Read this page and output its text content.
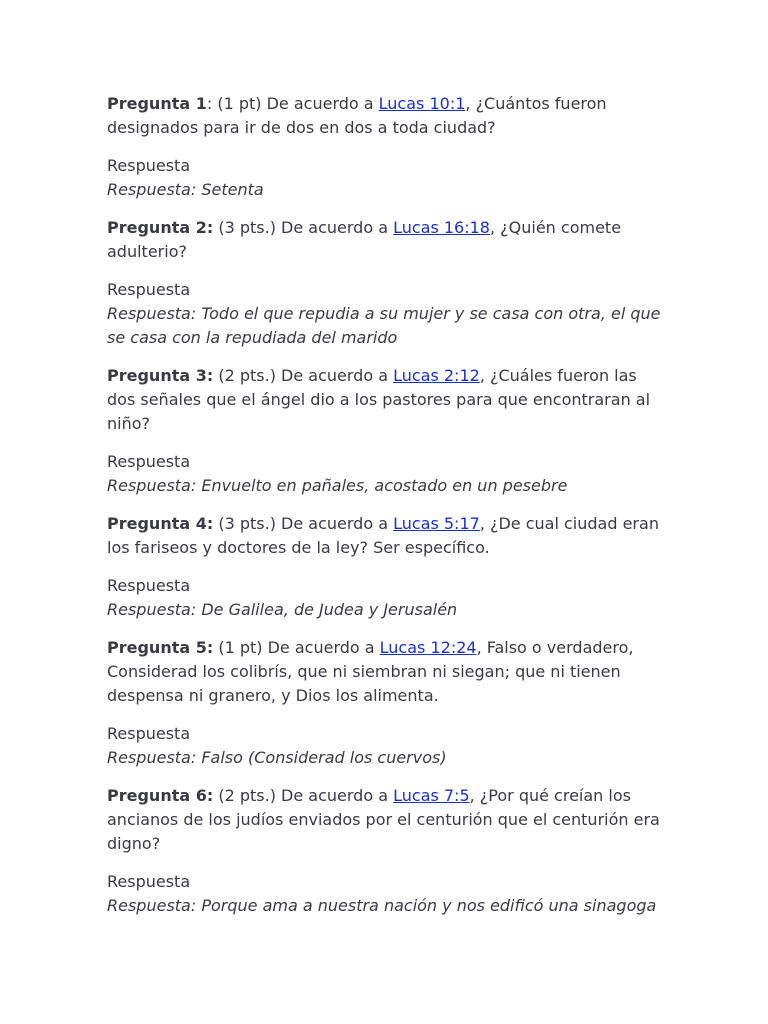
Pregunta 1: (1 pt) De acuerdo a Lucas 10:1, ¿Cuántos fueron designados para ir de dos en dos a toda ciudad?

Respuesta
Respuesta: Setenta

Pregunta 2: (3 pts.) De acuerdo a Lucas 16:18, ¿Quién comete adulterio?

Respuesta
Respuesta: Todo el que repudia a su mujer y se casa con otra, el que se casa con la repudiada del marido

Pregunta 3: (2 pts.) De acuerdo a Lucas 2:12, ¿Cuáles fueron las dos señales que el ángel dio a los pastores para que encontraran al niño?

Respuesta
Respuesta: Envuelto en pañales, acostado en un pesebre

Pregunta 4: (3 pts.) De acuerdo a Lucas 5:17, ¿De cual ciudad eran los fariseos y doctores de la ley? Ser específico.

Respuesta
Respuesta: De Galilea, de Judea y Jerusalén

Pregunta 5: (1 pt) De acuerdo a Lucas 12:24, Falso o verdadero, Considerad los colibrís, que ni siembran ni siegan; que ni tienen despensa ni granero, y Dios los alimenta.

Respuesta
Respuesta: Falso (Considerad los cuervos)

Pregunta 6: (2 pts.) De acuerdo a Lucas 7:5, ¿Por qué creían los ancianos de los judíos enviados por el centurión que el centurión era digno?

Respuesta
Respuesta: Porque ama a nuestra nación y nos edificó una sinagoga
